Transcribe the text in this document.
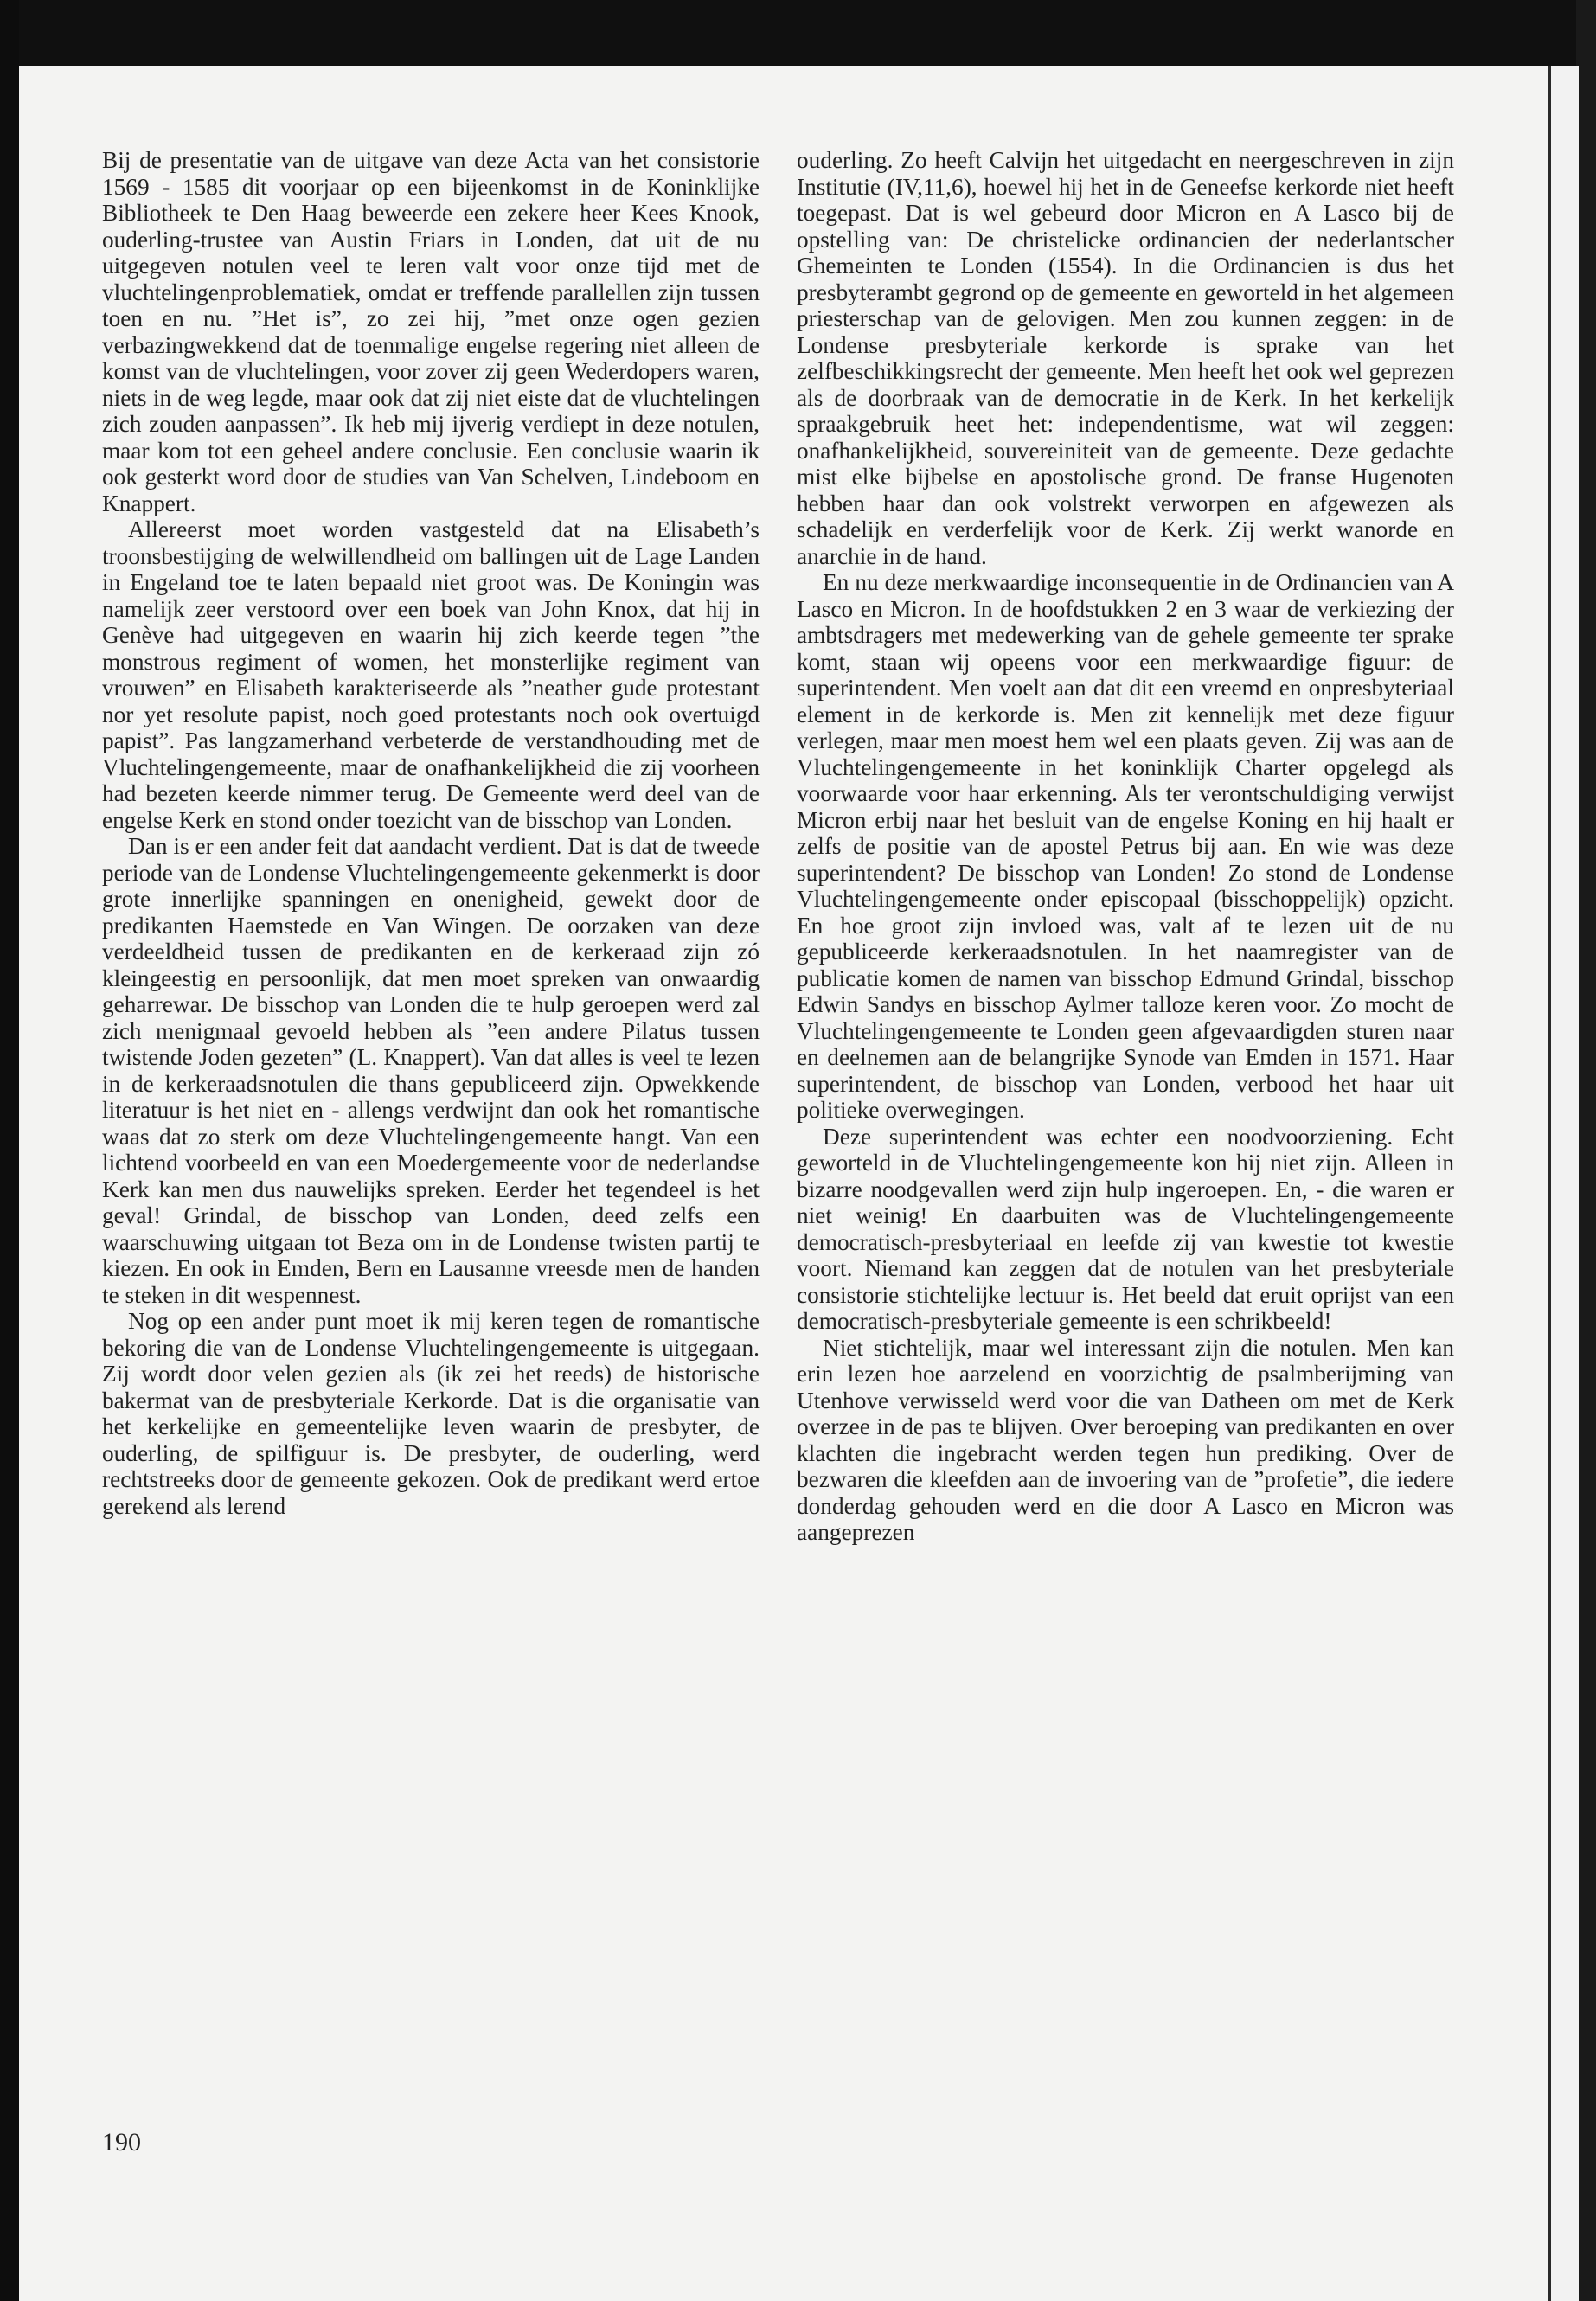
Bij de presentatie van de uitgave van deze Acta van het consistorie 1569 - 1585 dit voorjaar op een bijeenkomst in de Koninklijke Bibliotheek te Den Haag beweerde een zekere heer Kees Knook, ouderling-trustee van Austin Friars in Londen, dat uit de nu uitgegeven notulen veel te leren valt voor onze tijd met de vluchtelingenproblematiek, omdat er treffende parallellen zijn tussen toen en nu. ”Het is”, zo zei hij, ”met onze ogen gezien verbazingwekkend dat de toenmalige engelse regering niet alleen de komst van de vluchtelingen, voor zover zij geen Wederdopers waren, niets in de weg legde, maar ook dat zij niet eiste dat de vluchtelingen zich zouden aanpassen”. Ik heb mij ijverig verdiept in deze notulen, maar kom tot een geheel andere conclusie. Een conclusie waarin ik ook gesterkt word door de studies van Van Schelven, Lindeboom en Knappert.

Allereerst moet worden vastgesteld dat na Elisabeth’s troonsbestijging de welwillendheid om ballingen uit de Lage Landen in Engeland toe te laten bepaald niet groot was. De Koningin was namelijk zeer verstoord over een boek van John Knox, dat hij in Genève had uitgegeven en waarin hij zich keerde tegen ”the monstrous regiment of women, het monsterlijke regiment van vrouwen” en Elisabeth karakteriseerde als ”neather gude protestant nor yet resolute papist, noch goed protestants noch ook overtuigd papist”. Pas langzamerhand verbeterde de verstandhouding met de Vluchtelingengemeente, maar de onafhankelijkheid die zij voorheen had bezeten keerde nimmer terug. De Gemeente werd deel van de engelse Kerk en stond onder toezicht van de bisschop van Londen.

Dan is er een ander feit dat aandacht verdient. Dat is dat de tweede periode van de Londense Vluchtelingengemeente gekenmerkt is door grote innerlijke spanningen en onenigheid, gewekt door de predikanten Haemstede en Van Wingen. De oorzaken van deze verdeeldheid tussen de predikanten en de kerkeraad zijn zó kleingeestig en persoonlijk, dat men moet spreken van onwaardig geharrewar. De bisschop van Londen die te hulp geroepen werd zal zich menigmaal gevoeld hebben als ”een andere Pilatus tussen twistende Joden gezeten” (L. Knappert). Van dat alles is veel te lezen in de kerkeraadsnotulen die thans gepubliceerd zijn. Opwekkende literatuur is het niet en - allengs verdwijnt dan ook het romantische waas dat zo sterk om deze Vluchtelingengemeente hangt. Van een lichtend voorbeeld en van een Moedergemeente voor de nederlandse Kerk kan men dus nauwelijks spreken. Eerder het tegendeel is het geval! Grindal, de bisschop van Londen, deed zelfs een waarschuwing uitgaan tot Beza om in de Londense twisten partij te kiezen. En ook in Emden, Bern en Lausanne vreesde men de handen te steken in dit wespennest.

Nog op een ander punt moet ik mij keren tegen de romantische bekoring die van de Londense Vluchtelingengemeente is uitgegaan. Zij wordt door velen gezien als (ik zei het reeds) de historische bakermat van de presbyteriale Kerkorde. Dat is die organisatie van het kerkelijke en gemeentelijke leven waarin de presbyter, de ouderling, de spilfiguur is. De presbyter, de ouderling, werd rechtstreeks door de gemeente gekozen. Ook de predikant werd ertoe gerekend als lerend

ouderling. Zo heeft Calvijn het uitgedacht en neergeschreven in zijn Institutie (IV,11,6), hoewel hij het in de Geneefse kerkorde niet heeft toegepast. Dat is wel gebeurd door Micron en A Lasco bij de opstelling van: De christelicke ordinancien der nederlantscher Ghemeinten te Londen (1554). In die Ordinancien is dus het presbyterambt gegrond op de gemeente en geworteld in het algemeen priesterschap van de gelovigen. Men zou kunnen zeggen: in de Londense presbyteriale kerkorde is sprake van het zelfbeschikkingsrecht der gemeente. Men heeft het ook wel geprezen als de doorbraak van de democratie in de Kerk. In het kerkelijk spraakgebruik heet het: independentisme, wat wil zeggen: onafhankelijkheid, souvereiniteit van de gemeente. Deze gedachte mist elke bijbelse en apostolische grond. De franse Hugenoten hebben haar dan ook volstrekt verworpen en afgewezen als schadelijk en verderfelijk voor de Kerk. Zij werkt wanorde en anarchie in de hand.

En nu deze merkwaardige inconsequentie in de Ordinancien van A Lasco en Micron. In de hoofdstukken 2 en 3 waar de verkiezing der ambtsdragers met medewerking van de gehele gemeente ter sprake komt, staan wij opeens voor een merkwaardige figuur: de superintendent. Men voelt aan dat dit een vreemd en onpresbyteriaal element in de kerkorde is. Men zit kennelijk met deze figuur verlegen, maar men moest hem wel een plaats geven. Zij was aan de Vluchtelingengemeente in het koninklijk Charter opgelegd als voorwaarde voor haar erkenning. Als ter verontschuldiging verwijst Micron erbij naar het besluit van de engelse Koning en hij haalt er zelfs de positie van de apostel Petrus bij aan. En wie was deze superintendent? De bisschop van Londen! Zo stond de Londense Vluchtelingengemeente onder episcopaal (bisschoppelijk) opzicht. En hoe groot zijn invloed was, valt af te lezen uit de nu gepubliceerde kerkeraadsnotulen. In het naamregister van de publicatie komen de namen van bisschop Edmund Grindal, bisschop Edwin Sandys en bisschop Aylmer talloze keren voor. Zo mocht de Vluchtelingengemeente te Londen geen afgevaardigden sturen naar en deelnemen aan de belangrijke Synode van Emden in 1571. Haar superintendent, de bisschop van Londen, verbood het haar uit politieke overwegingen.

Deze superintendent was echter een noodvoorziening. Echt geworteld in de Vluchtelingengemeente kon hij niet zijn. Alleen in bizarre noodgevallen werd zijn hulp ingeroepen. En, - die waren er niet weinig! En daarbuiten was de Vluchtelingengemeente democratisch-presbyteriaal en leefde zij van kwestie tot kwestie voort. Niemand kan zeggen dat de notulen van het presbyteriale consistorie stichtelijke lectuur is. Het beeld dat eruit oprijst van een democratisch-presbyteriale gemeente is een schrikbeeld!

Niet stichtelijk, maar wel interessant zijn die notulen. Men kan erin lezen hoe aarzelend en voorzichtig de psalmberijming van Utenhove verwisseld werd voor die van Datheen om met de Kerk overzee in de pas te blijven. Over beroeping van predikanten en over klachten die ingebracht werden tegen hun prediking. Over de bezwaren die kleefden aan de invoering van de ”profetie”, die iedere donderdag gehouden werd en die door A Lasco en Micron was aangeprezen

190
